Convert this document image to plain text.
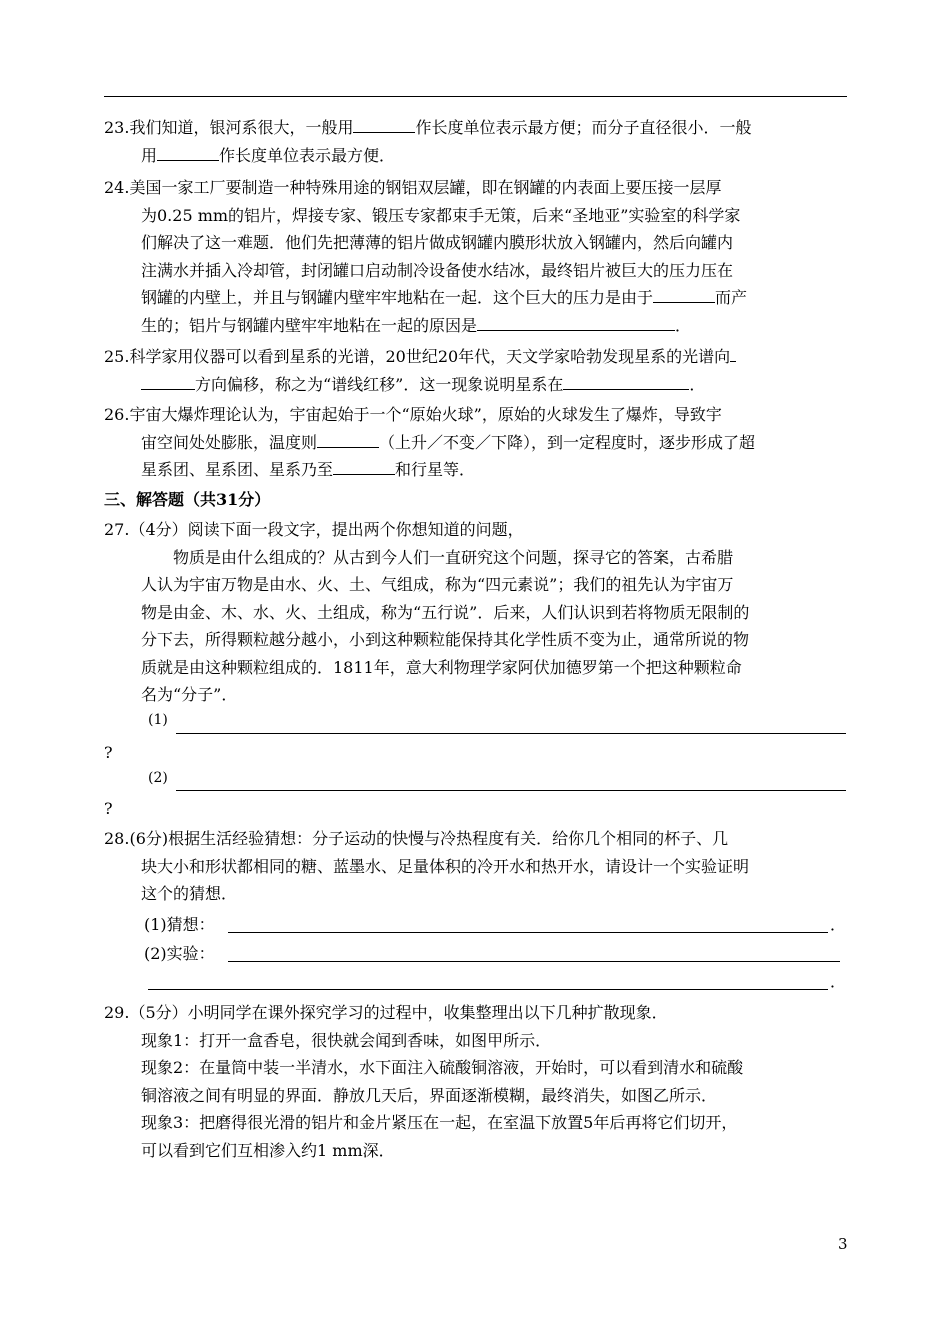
23.我们知道，银河系很大，一般用	作长度单位表示最方便；而分子直径很小．一般

用	作长度单位表示最方便．

24.美国一家工厂要制造一种特殊用途的钢铝双层罐，即在钢罐的内表面上要压接一层厚

为0.25 mm的铝片，焊接专家、锻压专家都束手无策，后来“圣地亚”实验室的科学家

们解决了这一难题．他们先把薄薄的铝片做成钢罐内膜形状放入钢罐内，然后向罐内

注满水并插入冷却管，封闭罐口启动制冷设备使水结冰，最终铝片被巨大的压力压在

钢罐的内壁上，并且与钢罐内壁牢牢地粘在一起．这个巨大的压力是由于	而产

生的；铝片与钢罐内壁牢牢地粘在一起的原因是	．

25.科学家用仪器可以看到星系的光谱，20世纪20年代，天文学家哈勃发现星系的光谱向

方向偏移，称之为“谱线红移”．这一现象说明星系在	．

26.宇宙大爆炸理论认为，宇宙起始于一个“原始火球”，原始的火球发生了爆炸，导致宇

宙空间处处膨胀，温度则	（上升／不变／下降），到一定程度时，逐步形成了超

星系团、星系团、星系乃至	和行星等．

三、解答题（共31分）

27.（4分）阅读下面一段文字，提出两个你想知道的问题，

物质是由什么组成的？从古到今人们一直研究这个问题，探寻它的答案，古希腊

人认为宇宙万物是由水、火、土、气组成，称为“四元素说”；我们的祖先认为宇宙万

物是由金、木、水、火、土组成，称为“五行说”．后来，人们认识到若将物质无限制的

分下去，所得颗粒越分越小，小到这种颗粒能保持其化学性质不变为止，通常所说的物

质就是由这种颗粒组成的．1811年，意大利物理学家阿伏加德罗第一个把这种颗粒命

名为“分子”．

(1)
?
(2)
?

28.(6分)根据生活经验猜想：分子运动的快慢与冷热程度有关．给你几个相同的杯子、几

块大小和形状都相同的糖、蓝墨水、足量体积的冷开水和热开水，请设计一个实验证明

这个的猜想．

(1)猜想：	．
(2)实验：
．

29.（5分）小明同学在课外探究学习的过程中，收集整理出以下几种扩散现象．

现象1：打开一盒香皂，很快就会闻到香味，如图甲所示．

现象2：在量筒中装一半清水，水下面注入硫酸铜溶液，开始时，可以看到清水和硫酸

铜溶液之间有明显的界面．静放几天后，界面逐渐模糊，最终消失，如图乙所示．

现象3：把磨得很光滑的铝片和金片紧压在一起，在室温下放置5年后再将它们切开，

可以看到它们互相渗入约1 mm深．

3
